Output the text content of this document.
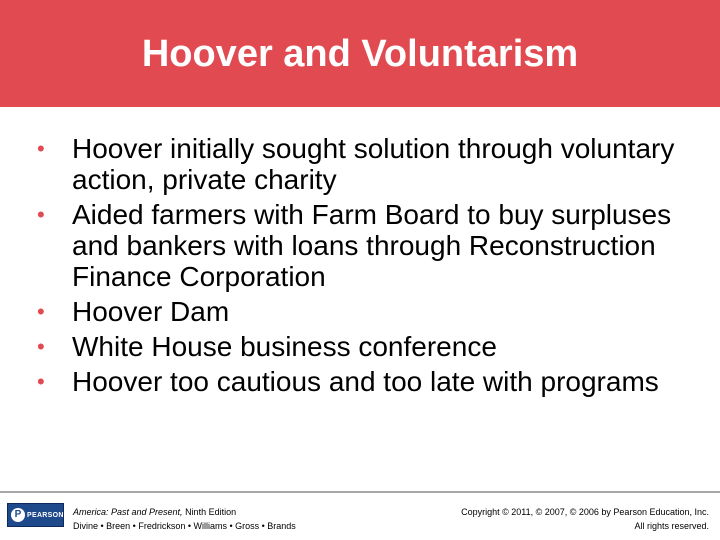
Hoover and Voluntarism
• Hoover initially sought solution through voluntary action, private charity
• Aided farmers with Farm Board to buy surpluses and bankers with loans through Reconstruction Finance Corporation
• Hoover Dam
• White House business conference
• Hoover too cautious and too late with programs
P PEARSON America: Past and Present, Ninth Edition
Divine • Breen • Fredrickson • Williams • Gross • Brands
Copyright © 2011, © 2007, © 2006 by Pearson Education, Inc.
All rights reserved.
